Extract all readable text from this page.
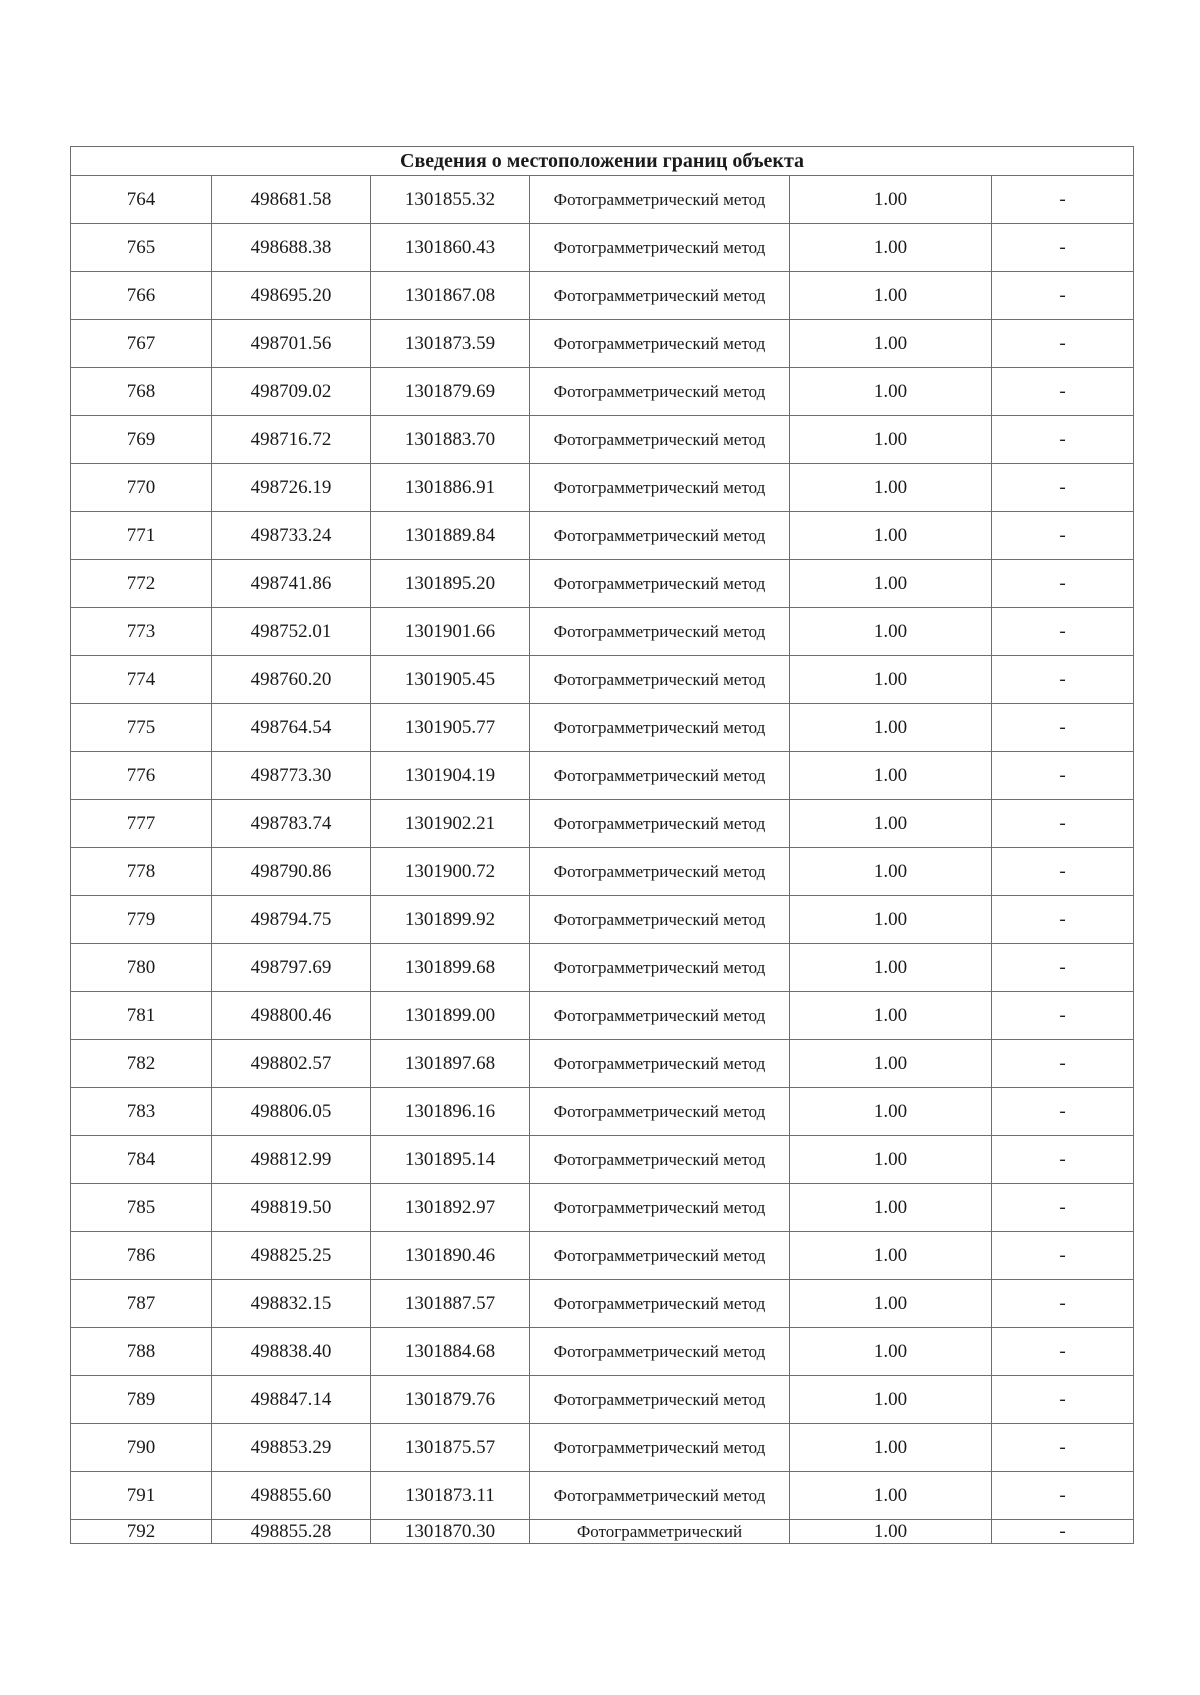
Сведения о местоположении границ объекта					
764	498681.58	1301855.32	Фотограмметрический метод	1.00	-
765	498688.38	1301860.43	Фотограмметрический метод	1.00	-
766	498695.20	1301867.08	Фотограмметрический метод	1.00	-
767	498701.56	1301873.59	Фотограмметрический метод	1.00	-
768	498709.02	1301879.69	Фотограмметрический метод	1.00	-
769	498716.72	1301883.70	Фотограмметрический метод	1.00	-
770	498726.19	1301886.91	Фотограмметрический метод	1.00	-
771	498733.24	1301889.84	Фотограмметрический метод	1.00	-
772	498741.86	1301895.20	Фотограмметрический метод	1.00	-
773	498752.01	1301901.66	Фотограмметрический метод	1.00	-
774	498760.20	1301905.45	Фотограмметрический метод	1.00	-
775	498764.54	1301905.77	Фотограмметрический метод	1.00	-
776	498773.30	1301904.19	Фотограмметрический метод	1.00	-
777	498783.74	1301902.21	Фотограмметрический метод	1.00	-
778	498790.86	1301900.72	Фотограмметрический метод	1.00	-
779	498794.75	1301899.92	Фотограмметрический метод	1.00	-
780	498797.69	1301899.68	Фотограмметрический метод	1.00	-
781	498800.46	1301899.00	Фотограмметрический метод	1.00	-
782	498802.57	1301897.68	Фотограмметрический метод	1.00	-
783	498806.05	1301896.16	Фотограмметрический метод	1.00	-
784	498812.99	1301895.14	Фотограмметрический метод	1.00	-
785	498819.50	1301892.97	Фотограмметрический метод	1.00	-
786	498825.25	1301890.46	Фотограмметрический метод	1.00	-
787	498832.15	1301887.57	Фотограмметрический метод	1.00	-
788	498838.40	1301884.68	Фотограмметрический метод	1.00	-
789	498847.14	1301879.76	Фотограмметрический метод	1.00	-
790	498853.29	1301875.57	Фотограмметрический метод	1.00	-
791	498855.60	1301873.11	Фотограмметрический метод	1.00	-
792	498855.28	1301870.30	Фотограмметрический	1.00	-
